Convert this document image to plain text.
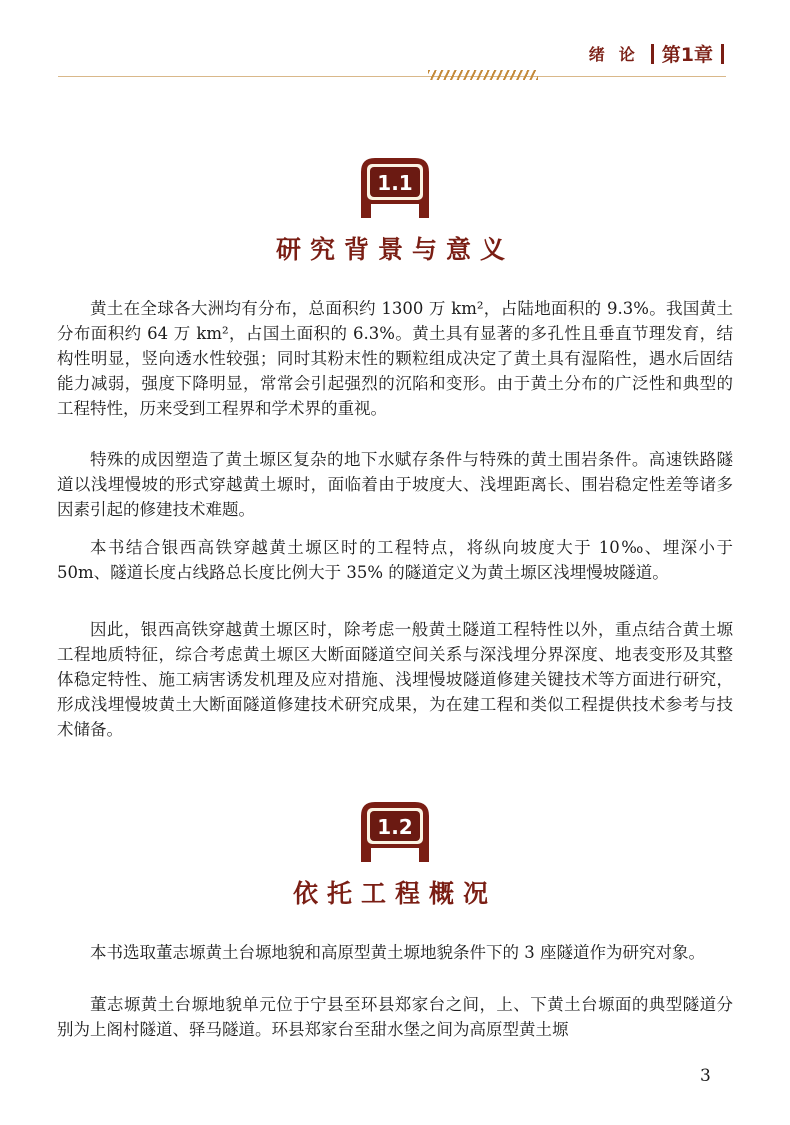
绪论 第1章
1.1
研究背景与意义

黄土在全球各大洲均有分布，总面积约 1300 万 km²，占陆地面积的 9.3%。我国黄土分布面积约 64 万 km²，占国土面积的 6.3%。黄土具有显著的多孔性且垂直节理发育，结构性明显，竖向透水性较强；同时其粉末性的颗粒组成决定了黄土具有湿陷性，遇水后固结能力减弱，强度下降明显，常常会引起强烈的沉陷和变形。由于黄土分布的广泛性和典型的工程特性，历来受到工程界和学术界的重视。

特殊的成因塑造了黄土塬区复杂的地下水赋存条件与特殊的黄土围岩条件。高速铁路隧道以浅埋慢坡的形式穿越黄土塬时，面临着由于坡度大、浅埋距离长、围岩稳定性差等诸多因素引起的修建技术难题。

本书结合银西高铁穿越黄土塬区时的工程特点，将纵向坡度大于 10‰、埋深小于 50m、隧道长度占线路总长度比例大于 35% 的隧道定义为黄土塬区浅埋慢坡隧道。

因此，银西高铁穿越黄土塬区时，除考虑一般黄土隧道工程特性以外，重点结合黄土塬工程地质特征，综合考虑黄土塬区大断面隧道空间关系与深浅埋分界深度、地表变形及其整体稳定特性、施工病害诱发机理及应对措施、浅埋慢坡隧道修建关键技术等方面进行研究，形成浅埋慢坡黄土大断面隧道修建技术研究成果，为在建工程和类似工程提供技术参考与技术储备。

1.2
依托工程概况

本书选取董志塬黄土台塬地貌和高原型黄土塬地貌条件下的 3 座隧道作为研究对象。

董志塬黄土台塬地貌单元位于宁县至环县郑家台之间，上、下黄土台塬面的典型隧道分别为上阁村隧道、驿马隧道。环县郑家台至甜水堡之间为高原型黄土塬

3
